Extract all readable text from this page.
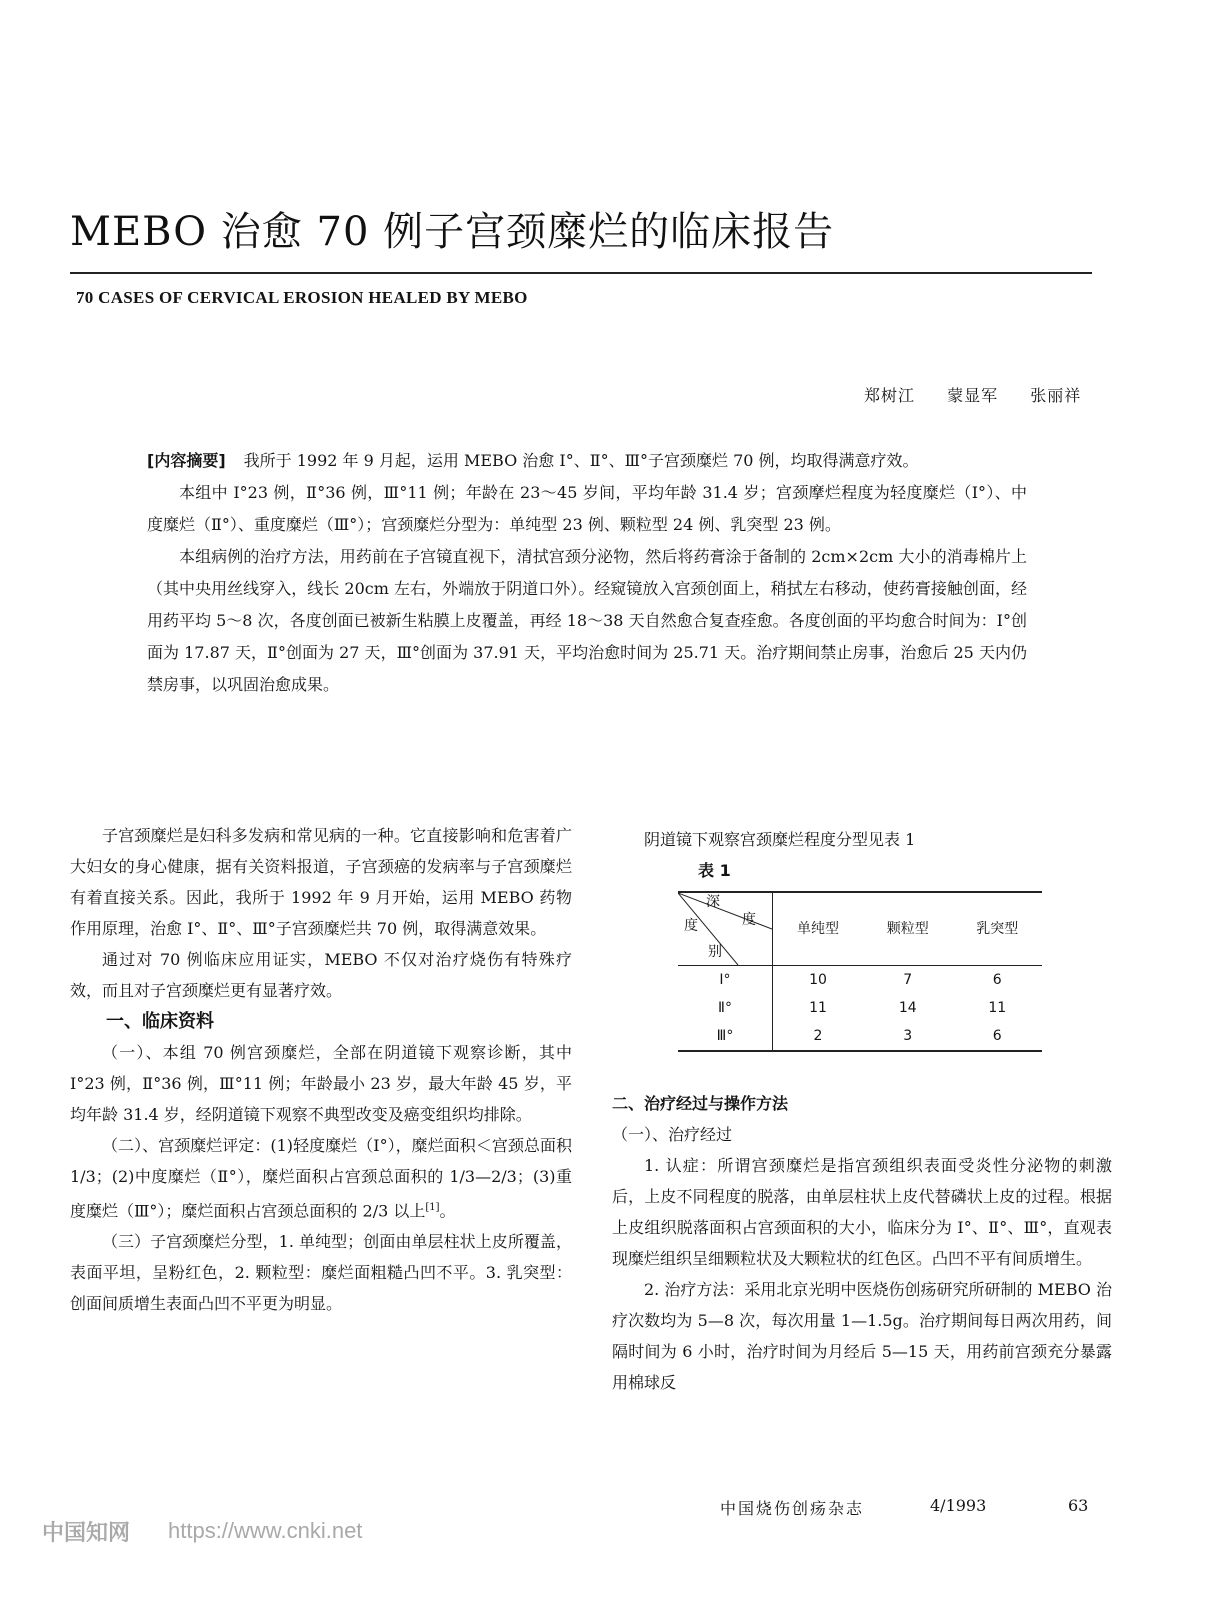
MEBO 治愈 70 例子宫颈糜烂的临床报告
70 CASES OF CERVICAL EROSION HEALED BY MEBO
郑树江 蒙显军 张丽祥

[内容摘要] 我所于 1992 年 9 月起，运用 MEBO 治愈 I°、Ⅱ°、Ⅲ°子宫颈糜烂 70 例，均取得满意疗效。

本组中 I°23 例，Ⅱ°36 例，Ⅲ°11 例；年龄在 23～45 岁间，平均年龄 31.4 岁；宫颈摩烂程度为轻度糜烂（I°）、中度糜烂（Ⅱ°）、重度糜烂（Ⅲ°）；宫颈糜烂分型为：单纯型 23 例、颗粒型 24 例、乳突型 23 例。

本组病例的治疗方法，用药前在子宫镜直视下，清拭宫颈分泌物，然后将药膏涂于备制的 2cm×2cm 大小的消毒棉片上（其中央用丝线穿入，线长 20cm 左右，外端放于阴道口外）。经窥镜放入宫颈创面上，稍拭左右移动，使药膏接触创面，经用药平均 5～8 次，各度创面已被新生粘膜上皮覆盖，再经 18～38 天自然愈合复查痊愈。各度创面的平均愈合时间为：I°创面为 17.87 天，Ⅱ°创面为 27 天，Ⅲ°创面为 37.91 天，平均治愈时间为 25.71 天。治疗期间禁止房事，治愈后 25 天内仍禁房事，以巩固治愈成果。

子宫颈糜烂是妇科多发病和常见病的一种。它直接影响和危害着广大妇女的身心健康，据有关资料报道，子宫颈癌的发病率与子宫颈糜烂有着直接关系。因此，我所于 1992 年 9 月开始，运用 MEBO 药物作用原理，治愈 I°、Ⅱ°、Ⅲ°子宫颈糜烂共 70 例，取得满意效果。

通过对 70 例临床应用证实，MEBO 不仅对治疗烧伤有特殊疗效，而且对子宫颈糜烂更有显著疗效。

一、临床资料

（一）、本组 70 例宫颈糜烂，全部在阴道镜下观察诊断，其中 I°23 例，Ⅱ°36 例，Ⅲ°11 例；年龄最小 23 岁，最大年龄 45 岁，平均年龄 31.4 岁，经阴道镜下观察不典型改变及癌变组织均排除。

（二）、宫颈糜烂评定：(1)轻度糜烂（I°），糜烂面积＜宫颈总面积 1/3；(2)中度糜烂（Ⅱ°），糜烂面积占宫颈总面积的 1/3—2/3；(3)重度糜烂（Ⅲ°）；糜烂面积占宫颈总面积的 2/3 以上[1]。

（三）子宫颈糜烂分型，1. 单纯型；创面由单层柱状上皮所覆盖，表面平坦，呈粉红色，2. 颗粒型：糜烂面粗糙凸凹不平。3. 乳突型：创面间质增生表面凸凹不平更为明显。

阴道镜下观察宫颈糜烂程度分型见表 1

表 1
深
度
度
别	单纯型	颗粒型	乳突型
I°	10	7	6
Ⅱ°	11	14	11
Ⅲ°	2	3	6

二、治疗经过与操作方法

（一）、治疗经过

1. 认症：所谓宫颈糜烂是指宫颈组织表面受炎性分泌物的刺激后，上皮不同程度的脱落，由单层柱状上皮代替磷状上皮的过程。根据上皮组织脱落面积占宫颈面积的大小，临床分为 I°、Ⅱ°、Ⅲ°，直观表现糜烂组织呈细颗粒状及大颗粒状的红色区。凸凹不平有间质增生。

2. 治疗方法：采用北京光明中医烧伤创疡研究所研制的 MEBO 治疗次数均为 5—8 次，每次用量 1—1.5g。治疗期间每日两次用药，间隔时间为 6 小时，治疗时间为月经后 5—15 天，用药前宫颈充分暴露用棉球反

中国烧伤创疡杂志	4/1993	63
中国知网 https://www.cnki.net
